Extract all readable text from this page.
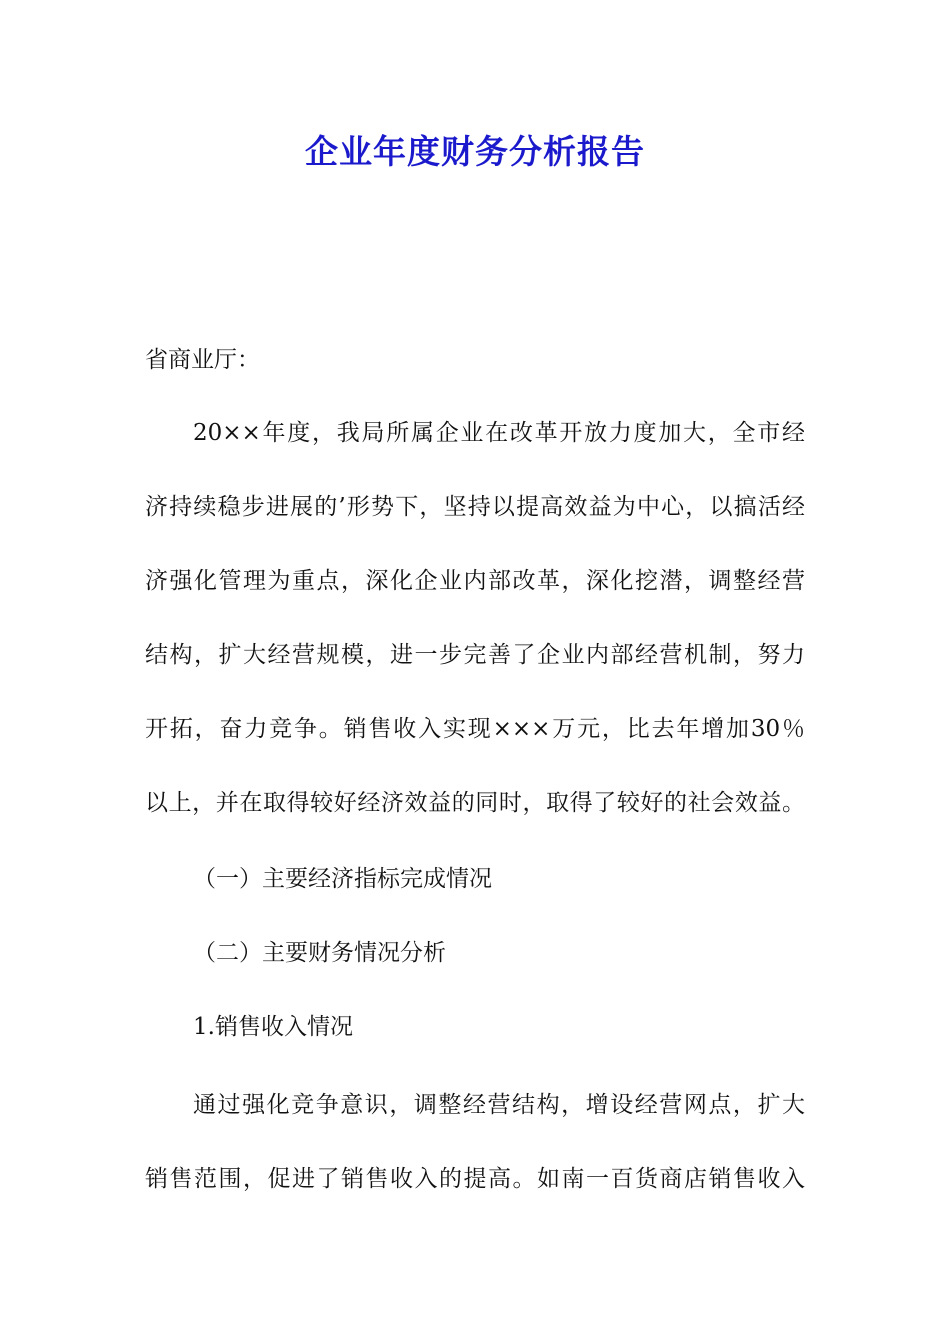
企业年度财务分析报告
省商业厅：
20××年度，我局所属企业在改革开放力度加大，全市经
济持续稳步进展的’形势下，坚持以提高效益为中心，以搞活经
济强化管理为重点，深化企业内部改革，深化挖潜，调整经营
结构，扩大经营规模，进一步完善了企业内部经营机制，努力
开拓，奋力竞争。销售收入实现×××万元，比去年增加30％
以上，并在取得较好经济效益的同时，取得了较好的社会效益。
（一）主要经济指标完成情况
（二）主要财务情况分析
1.销售收入情况
通过强化竞争意识，调整经营结构，增设经营网点，扩大
销售范围，促进了销售收入的提高。如南一百货商店销售收入
